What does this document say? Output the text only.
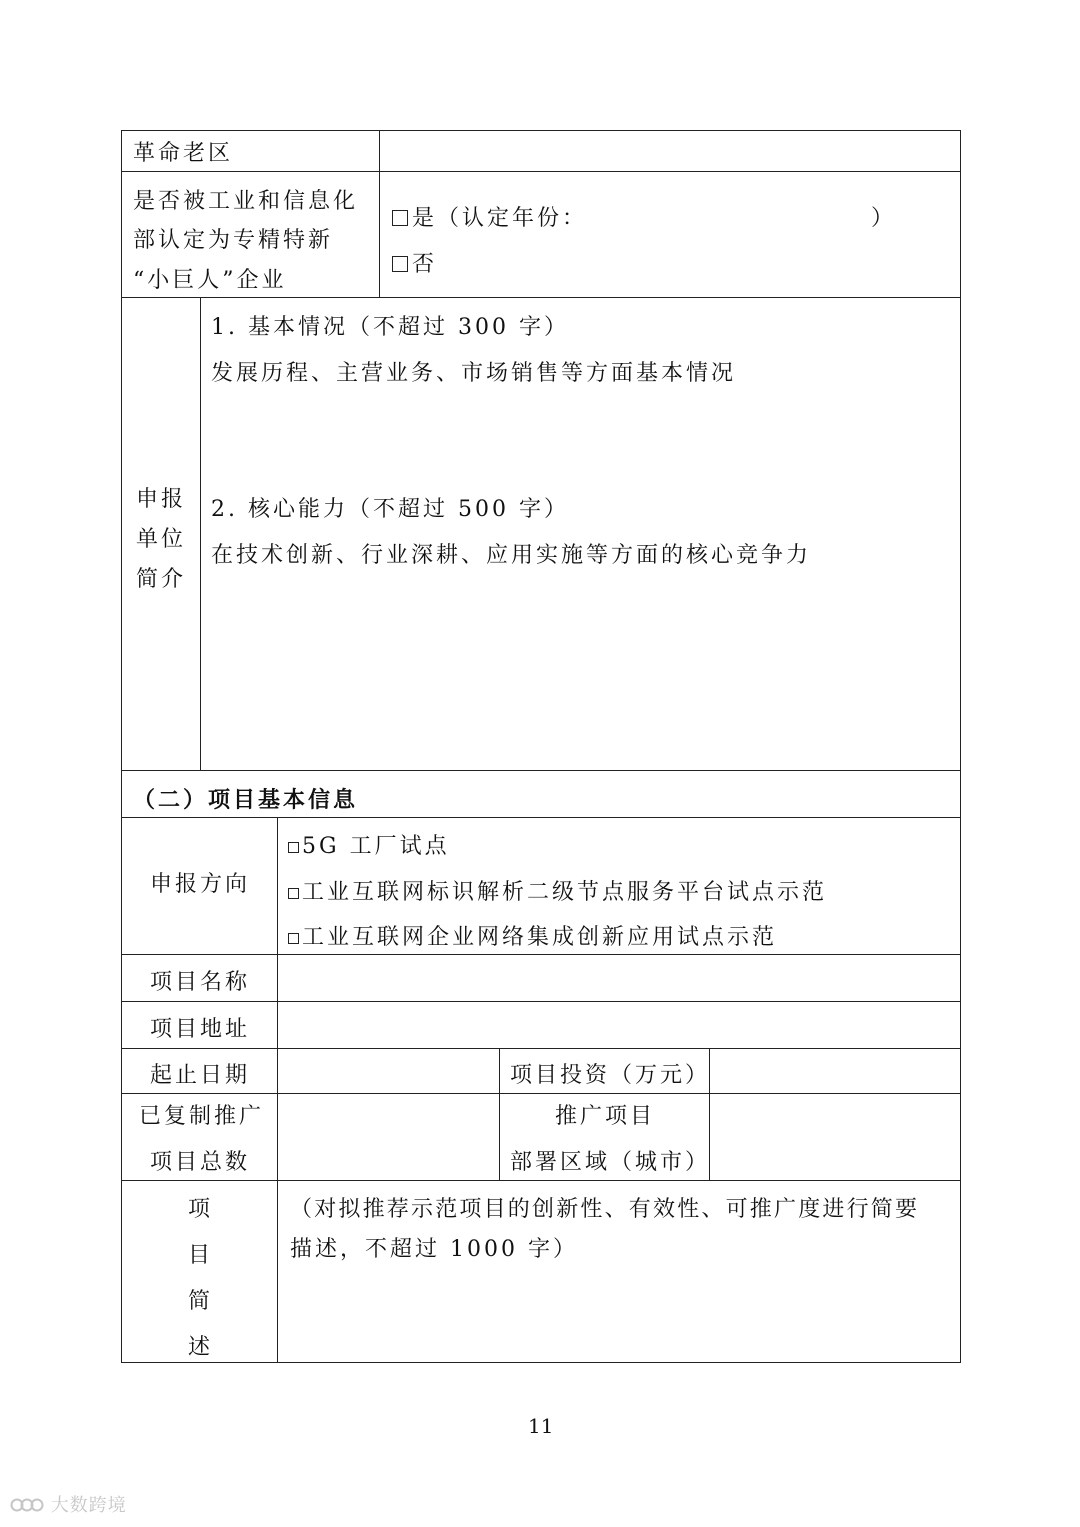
革命老区
是否被工业和信息化
部认定为专精特新
“小巨人”企业
是（认定年份：	）
否
申报
单位
简介
1. 基本情况（不超过 300 字）
发展历程、主营业务、市场销售等方面基本情况
2. 核心能力（不超过 500 字）
在技术创新、行业深耕、应用实施等方面的核心竞争力
（二）项目基本信息
申报方向
5G 工厂试点
工业互联网标识解析二级节点服务平台试点示范
工业互联网企业网络集成创新应用试点示范
项目名称
项目地址
起止日期	项目投资（万元）
已复制推广
项目总数
推广项目
部署区域（城市）
项
目
简
述
（对拟推荐示范项目的创新性、有效性、可推广度进行简要
描述，不超过 1000 字）
11
大数跨境
